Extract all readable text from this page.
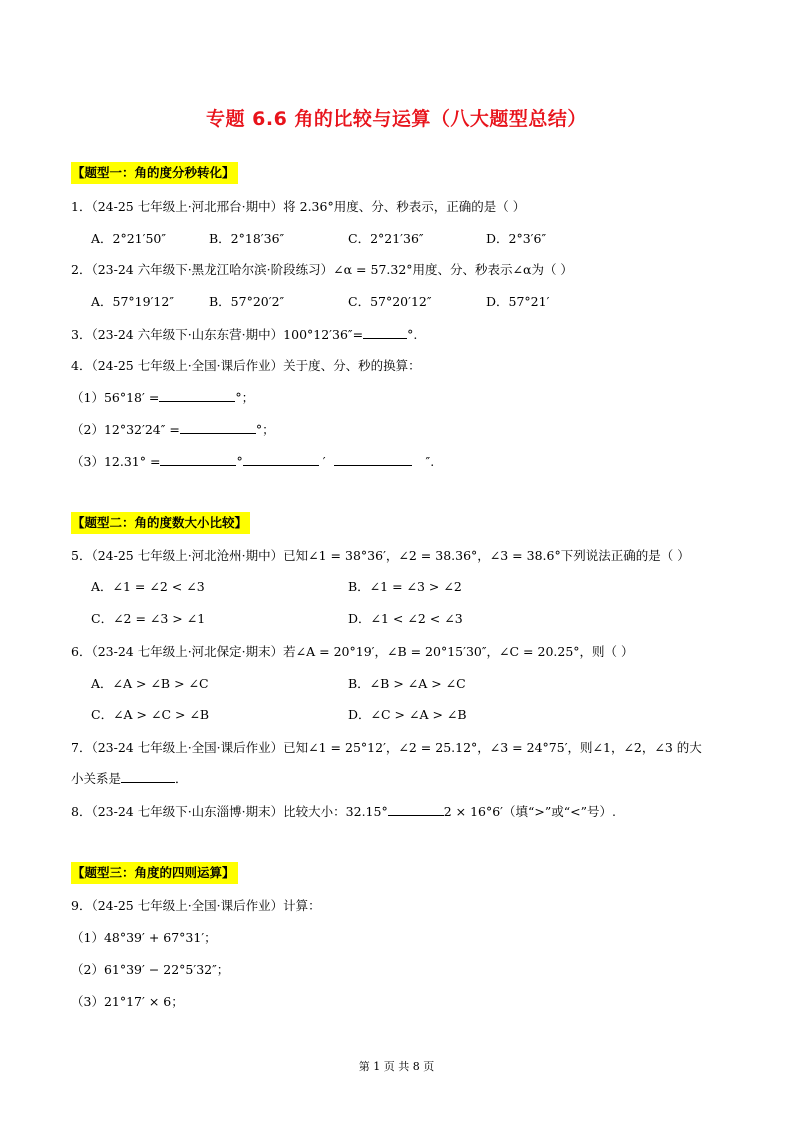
专题 6.6 角的比较与运算（八大题型总结）
【题型一：角的度分秒转化】
1．（24-25 七年级上·河北邢台·期中）将 2.36°用度、分、秒表示，正确的是（ ）
A．2°21′50″	B．2°18′36″	C．2°21′36″	D．2°3′6″
2．（23-24 六年级下·黑龙江哈尔滨·阶段练习）∠α = 57.32°用度、分、秒表示∠α为（ ）
A．57°19′12″	B．57°20′2″	C．57°20′12″	D．57°21′
3．（23-24 六年级下·山东东营·期中）100°12′36″=	°.
4．（24-25 七年级上·全国·课后作业）关于度、分、秒的换算：
（1）56°18′ =	°；
（2）12°32′24″ =	°；
（3）12.31° =	°	′	″.
【题型二：角的度数大小比较】
5．（24-25 七年级上·河北沧州·期中）已知∠1 = 38°36′，∠2 = 38.36°，∠3 = 38.6°下列说法正确的是（ ）
A．∠1 = ∠2 < ∠3	B．∠1 = ∠3 > ∠2
C．∠2 = ∠3 > ∠1	D．∠1 < ∠2 < ∠3
6．（23-24 七年级上·河北保定·期末）若∠A = 20°19′，∠B = 20°15′30″，∠C = 20.25°，则（ ）
A．∠A > ∠B > ∠C	B．∠B > ∠A > ∠C
C．∠A > ∠C > ∠B	D．∠C > ∠A > ∠B
7．（23-24 七年级上·全国·课后作业）已知∠1 = 25°12′，∠2 = 25.12°，∠3 = 24°75′，则∠1，∠2，∠3 的大
小关系是	．
8．（23-24 七年级下·山东淄博·期末）比较大小：32.15°	2 × 16°6′（填“>”或“<”号）.
【题型三：角度的四则运算】
9．（24-25 七年级上·全国·课后作业）计算：
（1）48°39′ + 67°31′；
（2）61°39′ − 22°5′32″；
（3）21°17′ × 6；
第 1 页 共 8 页
